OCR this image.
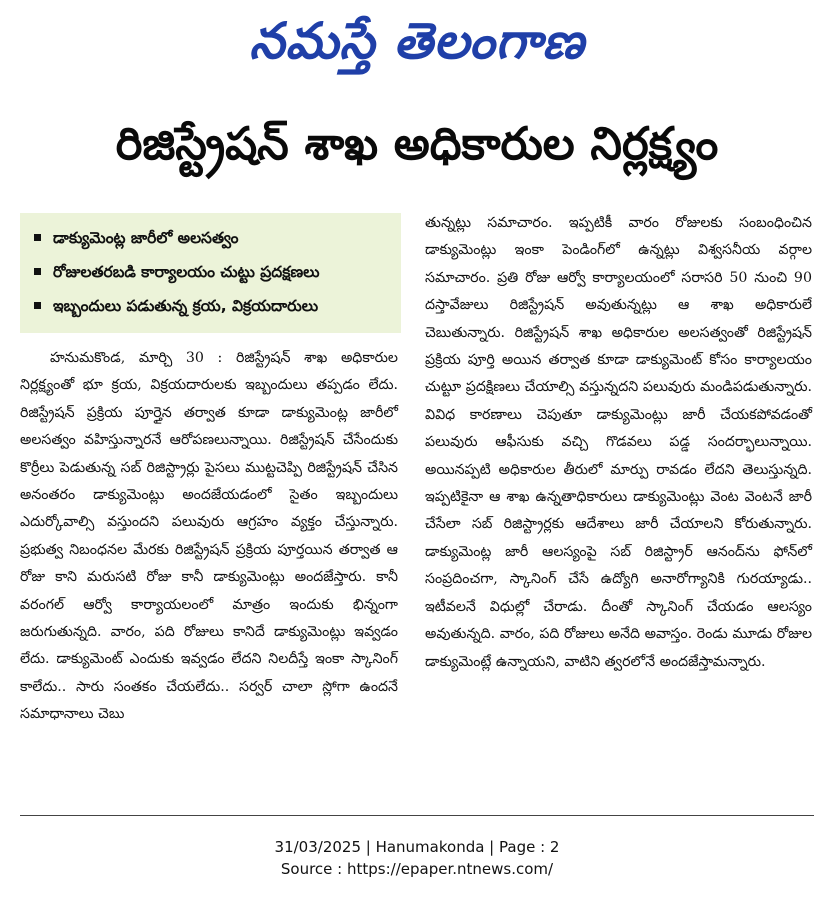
నమస్తే తెలంగాణ
రిజిస్ట్రేషన్ శాఖ అధికారుల నిర్లక్ష్యం
డాక్యుమెంట్ల జారీలో అలసత్వం
రోజులతరబడి కార్యాలయం చుట్టు ప్రదక్షణలు
ఇబ్బందులు పడుతున్న క్రయ, విక్రయదారులు

హనుమకొండ, మార్చి 30 : రిజిస్ట్రేషన్ శాఖ అధికారుల నిర్లక్ష్యంతో భూ క్రయ, విక్రయదారులకు ఇబ్బందులు తప్పడం లేదు. రిజిస్ట్రేషన్ ప్రక్రియ పూర్తైన తర్వాత కూడా డాక్యుమెంట్ల జారీలో అలసత్వం వహిస్తున్నారనే ఆరోపణలున్నాయి. రిజిస్ట్రేషన్ చేసేందుకు కొర్రీలు పెడుతున్న సబ్ రిజిస్ట్రార్లు పైసలు ముట్టచెప్పి రిజిస్ట్రేషన్ చేసిన అనంతరం డాక్యుమెంట్లు అందజేయడంలో సైతం ఇబ్బందులు ఎదుర్కోవాల్సి వస్తుందని పలువురు ఆగ్రహం వ్యక్తం చేస్తున్నారు. ప్రభుత్వ నిబంధనల మేరకు రిజిస్ట్రేషన్ ప్రక్రియ పూర్తయిన తర్వాత ఆ రోజు కాని మరుసటి రోజు కానీ డాక్యుమెంట్లు అందజేస్తారు. కానీ వరంగల్ ఆర్వో కార్యాయలంలో మాత్రం ఇందుకు భిన్నంగా జరుగుతున్నది. వారం, పది రోజులు కానిదే డాక్యుమెంట్లు ఇవ్వడం లేదు. డాక్యుమెంట్ ఎందుకు ఇవ్వడం లేదని నిలదీస్తే ఇంకా స్కానింగ్ కాలేదు.. సారు సంతకం చేయలేదు.. సర్వర్ చాలా స్లోగా ఉందనే సమాధానాలు చెబు

తున్నట్లు సమాచారం. ఇప్పటికీ వారం రోజులకు సంబంధించిన డాక్యుమెంట్లు ఇంకా పెండింగ్‌లో ఉన్నట్లు విశ్వసనీయ వర్గాల సమాచారం. ప్రతి రోజు ఆర్వో కార్యాలయంలో సరాసరి 50 నుంచి 90 దస్తావేజులు రిజిస్ట్రేషన్ అవుతున్నట్లు ఆ శాఖ అధికారులే చెబుతున్నారు. రిజిస్ట్రేషన్ శాఖ అధికారుల అలసత్వంతో రిజిస్ట్రేషన్ ప్రక్రియ పూర్తి అయిన తర్వాత కూడా డాక్యుమెంట్ కోసం కార్యాలయం చుట్టూ ప్రదక్షిణలు చేయాల్సి వస్తున్నదని పలువురు మండిపడుతున్నారు. వివిధ కారణాలు చెపుతూ డాక్యుమెంట్లు జారీ చేయకపోవడంతో పలువురు ఆఫీసుకు వచ్చి గొడవలు పడ్డ సందర్భాలున్నాయి. అయినప్పటి అధికారుల తీరులో మార్పు రావడం లేదని తెలుస్తున్నది. ఇప్పటికైనా ఆ శాఖ ఉన్నతాధికారులు డాక్యుమెంట్లు వెంట వెంటనే జారీ చేసేలా సబ్ రిజిస్ట్రార్లకు ఆదేశాలు జారీ చేయాలని కోరుతున్నారు. డాక్యుమెంట్ల జారీ ఆలస్యంపై సబ్ రిజిస్ట్రార్ ఆనంద్‌ను ఫోన్‌లో సంప్రదించగా, స్కానింగ్ చేసే ఉద్యోగి అనారోగ్యానికి గురయ్యాడు.. ఇటీవలనే విధుల్లో చేరాడు. దీంతో స్కానింగ్ చేయడం ఆలస్యం అవుతున్నది. వారం, పది రోజులు అనేది అవాస్తం. రెండు మూడు రోజుల డాక్యుమెంట్లే ఉన్నాయని, వాటిని త్వరలోనే అందజేస్తామన్నారు.

31/03/2025 | Hanumakonda | Page : 2
Source : https://epaper.ntnews.com/
